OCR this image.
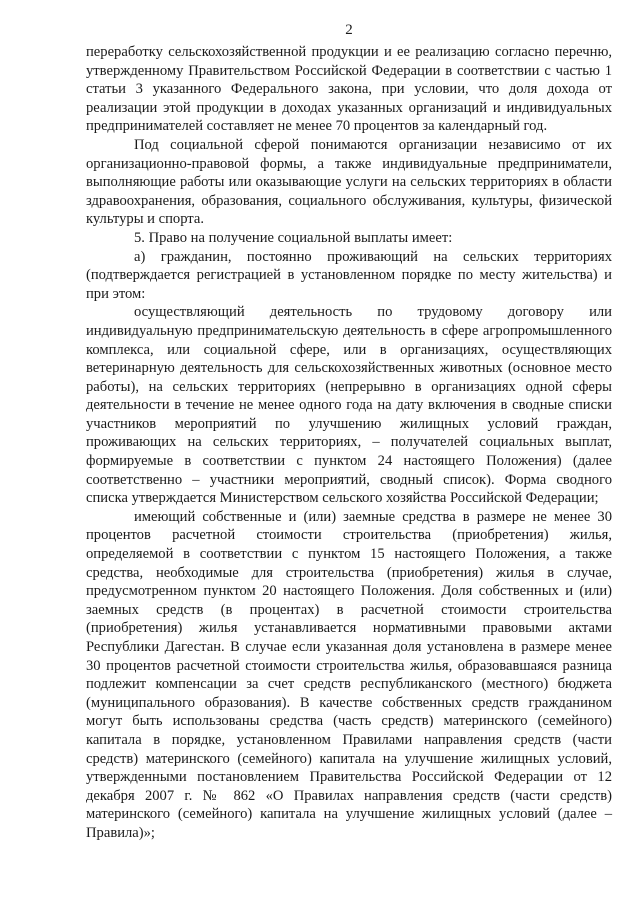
2

переработку сельскохозяйственной продукции и ее реализацию согласно перечню, утвержденному Правительством Российской Федерации в соответствии с частью 1 статьи 3 указанного Федерального закона, при условии, что доля дохода от реализации этой продукции в доходах указанных организаций и индивидуальных предпринимателей составляет не менее 70 процентов за календарный год.

Под социальной сферой понимаются организации независимо от их организационно-правовой формы, а также индивидуальные предприниматели, выполняющие работы или оказывающие услуги на сельских территориях в области здравоохранения, образования, социального обслуживания, культуры, физической культуры и спорта.

5. Право на получение социальной выплаты имеет:

а) гражданин, постоянно проживающий на сельских территориях (подтверждается регистрацией в установленном порядке по месту жительства) и при этом:

осуществляющий деятельность по трудовому договору или индивидуальную предпринимательскую деятельность в сфере агропромышленного комплекса, или социальной сфере, или в организациях, осуществляющих ветеринарную деятельность для сельскохозяйственных животных (основное место работы), на сельских территориях (непрерывно в организациях одной сферы деятельности в течение не менее одного года на дату включения в сводные списки участников мероприятий по улучшению жилищных условий граждан, проживающих на сельских территориях, – получателей социальных выплат, формируемые в соответствии с пунктом 24 настоящего Положения) (далее соответственно – участники мероприятий, сводный список). Форма сводного списка утверждается Министерством сельского хозяйства Российской Федерации;

имеющий собственные и (или) заемные средства в размере не менее 30 процентов расчетной стоимости строительства (приобретения) жилья, определяемой в соответствии с пунктом 15 настоящего Положения, а также средства, необходимые для строительства (приобретения) жилья в случае, предусмотренном пунктом 20 настоящего Положения. Доля собственных и (или) заемных средств (в процентах) в расчетной стоимости строительства (приобретения) жилья устанавливается нормативными правовыми актами Республики Дагестан. В случае если указанная доля установлена в размере менее 30 процентов расчетной стоимости строительства жилья, образовавшаяся разница подлежит компенсации за счет средств республиканского (местного) бюджета (муниципального образования). В качестве собственных средств гражданином могут быть использованы средства (часть средств) материнского (семейного) капитала в порядке, установленном Правилами направления средств (части средств) материнского (семейного) капитала на улучшение жилищных условий, утвержденными постановлением Правительства Российской Федерации от 12 декабря 2007 г. № 862 «О Правилах направления средств (части средств) материнского (семейного) капитала на улучшение жилищных условий (далее – Правила)»;
